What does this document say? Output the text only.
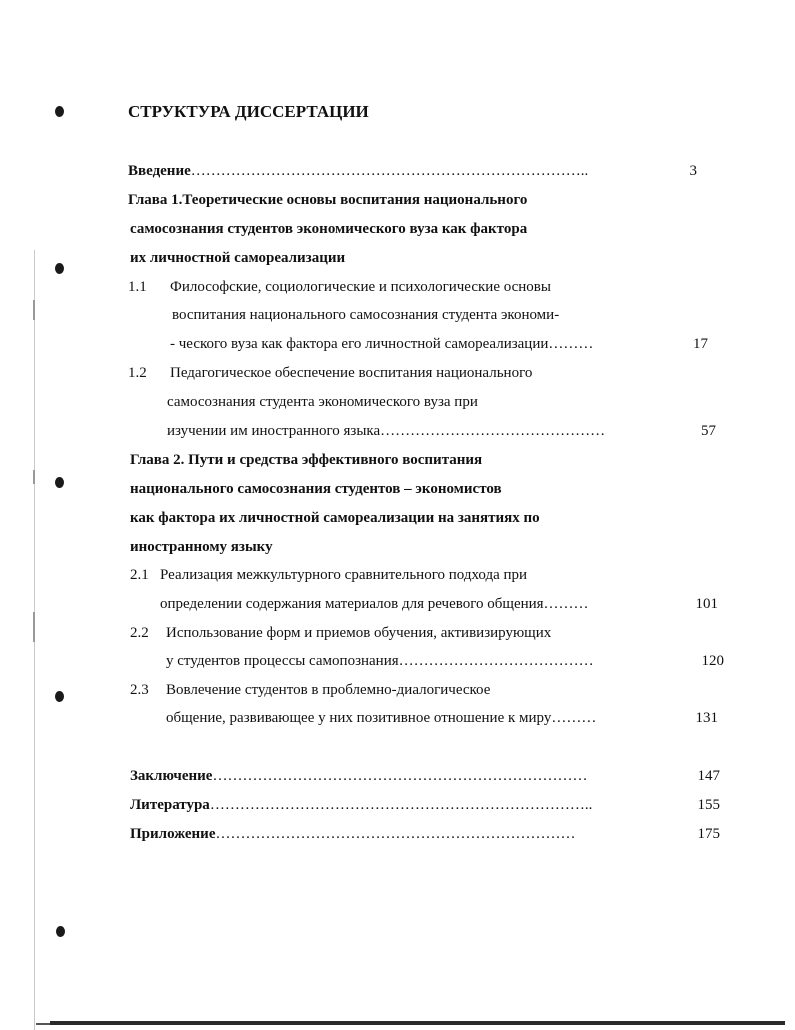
СТРУКТУРА ДИССЕРТАЦИИ
Введение……………………………………………………………………..	3
Глава 1.Теоретические основы воспитания национального
самосознания студентов экономического вуза как фактора
их личностной самореализации
1.1 Философские, социологические и психологические основы
воспитания национального самосознания студента экономи-
- ческого вуза как фактора его личностной самореализации………	17
1.2 Педагогическое обеспечение воспитания национального
самосознания студента экономического вуза при
изучении им иностранного языка………………………………………	57
Глава 2. Пути и средства эффективного воспитания
национального самосознания студентов – экономистов
как фактора их личностной самореализации на занятиях по
иностранному языку
2.1 Реализация межкультурного сравнительного подхода при
определении содержания материалов для речевого общения………	101
2.2 Использование форм и приемов обучения, активизирующих
у студентов процессы самопознания…………………………………	120
2.3 Вовлечение студентов в проблемно-диалогическое
общение, развивающее у них позитивное отношение к миру………	131
Заключение…………………………………………………………………	147
Литература…………………………………………………………………..	155
Приложение………………………………………………………………	175
